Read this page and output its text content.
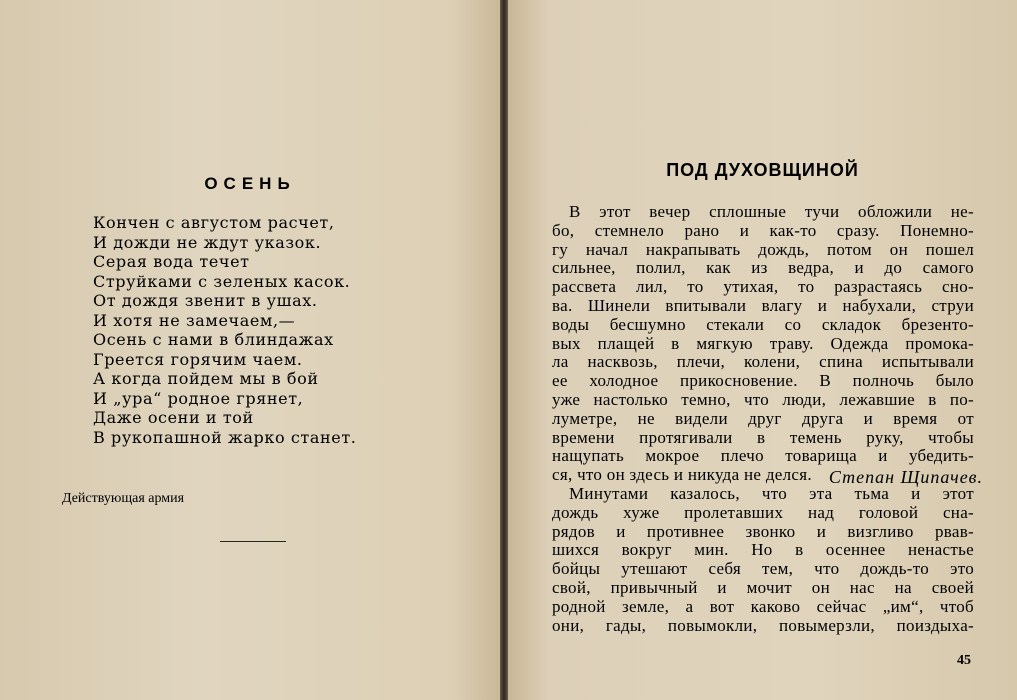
ОСЕНЬ
Кончен с августом расчет,
И дожди не ждут указок.
Серая вода течет
Струйками с зеленых касок.
От дождя звенит в ушах.
И хотя не замечаем,—
Осень с нами в блиндажах
Греется горячим чаем.
А когда пойдем мы в бой
И „ура“ родное грянет,
Даже осени и той
В рукопашной жарко станет.
Степан Щипачев.
Действующая армия
ПОД ДУХОВЩИНОЙ
В этот вечер сплошные тучи обложили не-
бо, стемнело рано и как-то сразу. Понемно-
гу начал накрапывать дождь, потом он пошел
сильнее, полил, как из ведра, и до самого
рассвета лил, то утихая, то разрастаясь сно-
ва. Шинели впитывали влагу и набухали, струи
воды бесшумно стекали со складок брезенто-
вых плащей в мягкую траву. Одежда промока-
ла насквозь, плечи, колени, спина испытывали
ее холодное прикосновение. В полночь было
уже настолько темно, что люди, лежавшие в по-
луметре, не видели друг друга и время от
времени протягивали в темень руку, чтобы
нащупать мокрое плечо товарища и убедить-
ся, что он здесь и никуда не делся.
Минутами казалось, что эта тьма и этот
дождь хуже пролетавших над головой сна-
рядов и противнее звонко и визгливо рвав-
шихся вокруг мин. Но в осеннее ненастье
бойцы утешают себя тем, что дождь-то это
свой, привычный и мочит он нас на своей
родной земле, а вот каково сейчас „им“, чтоб
они, гады, повымокли, повымерзли, поиздыха-
45
